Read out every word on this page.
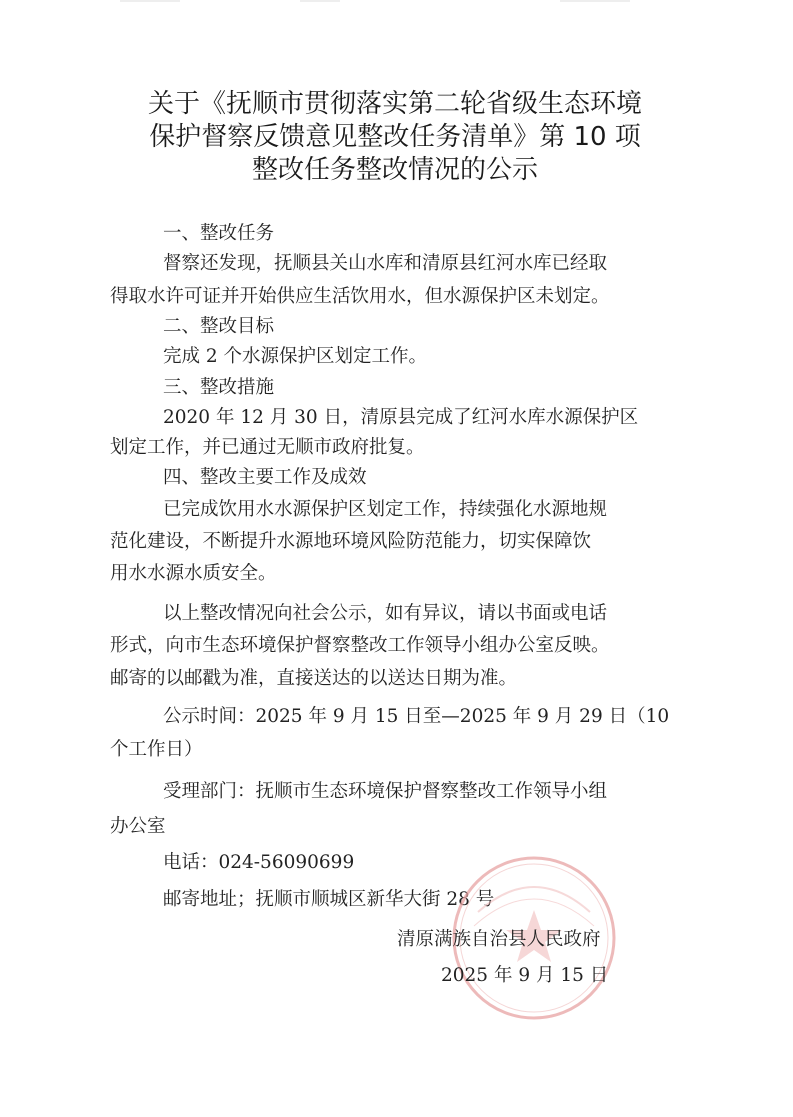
关于《抚顺市贯彻落实第二轮省级生态环境
保护督察反馈意见整改任务清单》第 10 项
整改任务整改情况的公示

一、整改任务

督察还发现，抚顺县关山水库和清原县红河水库已经取

得取水许可证并开始供应生活饮用水，但水源保护区未划定。

二、整改目标

完成 2 个水源保护区划定工作。

三、整改措施

2020 年 12 月 30 日，清原县完成了红河水库水源保护区

划定工作，并已通过无顺市政府批复。

四、整改主要工作及成效

已完成饮用水水源保护区划定工作，持续强化水源地规

范化建设，不断提升水源地环境风险防范能力，切实保障饮

用水水源水质安全。

以上整改情况向社会公示，如有异议，请以书面或电话

形式，向市生态环境保护督察整改工作领导小组办公室反映。

邮寄的以邮戳为准，直接送达的以送达日期为准。

公示时间：2025 年 9 月 15 日至—2025 年 9 月 29 日（10

个工作日）

受理部门：抚顺市生态环境保护督察整改工作领导小组

办公室

电话：024-56090699

邮寄地址；抚顺市顺城区新华大街 28 号

清原满族自治县人民政府

2025 年 9 月 15 日
